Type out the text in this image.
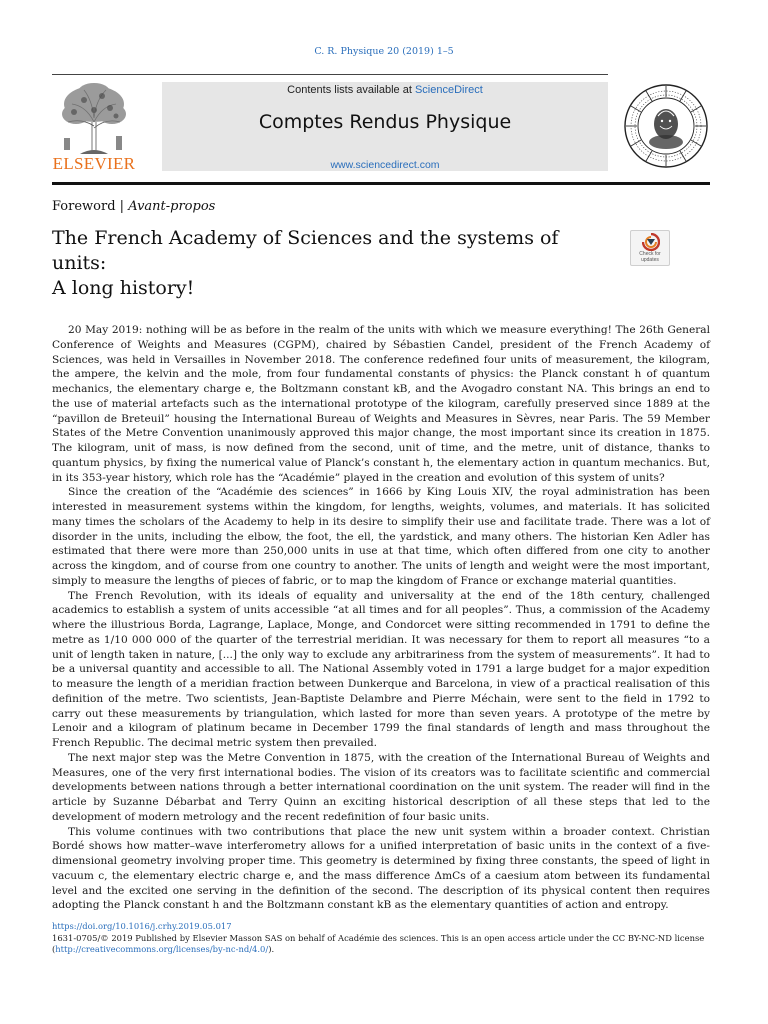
C. R. Physique 20 (2019) 1–5
ELSEVIER
Contents lists available at ScienceDirect
Comptes Rendus Physique
www.sciencedirect.com
Foreword | Avant-propos
The French Academy of Sciences and the systems of units:
A long history!
Check for
updates

20 May 2019: nothing will be as before in the realm of the units with which we measure everything! The 26th General Conference of Weights and Measures (CGPM), chaired by Sébastien Candel, president of the French Academy of Sciences, was held in Versailles in November 2018. The conference redefined four units of measurement, the kilogram, the ampere, the kelvin and the mole, from four fundamental constants of physics: the Planck constant h of quantum mechanics, the elementary charge e, the Boltzmann constant kB, and the Avogadro constant NA. This brings an end to the use of material artefacts such as the international prototype of the kilogram, carefully preserved since 1889 at the “pavillon de Breteuil” housing the International Bureau of Weights and Measures in Sèvres, near Paris. The 59 Member States of the Metre Convention unanimously approved this major change, the most important since its creation in 1875. The kilogram, unit of mass, is now defined from the second, unit of time, and the metre, unit of distance, thanks to quantum physics, by fixing the numerical value of Planck’s constant h, the elementary action in quantum mechanics. But, in its 353-year history, which role has the “Académie” played in the creation and evolution of this system of units?

Since the creation of the “Académie des sciences” in 1666 by King Louis XIV, the royal administration has been interested in measurement systems within the kingdom, for lengths, weights, volumes, and materials. It has solicited many times the scholars of the Academy to help in its desire to simplify their use and facilitate trade. There was a lot of disorder in the units, including the elbow, the foot, the ell, the yardstick, and many others. The historian Ken Adler has estimated that there were more than 250,000 units in use at that time, which often differed from one city to another across the kingdom, and of course from one country to another. The units of length and weight were the most important, simply to measure the lengths of pieces of fabric, or to map the kingdom of France or exchange material quantities.

The French Revolution, with its ideals of equality and universality at the end of the 18th century, challenged academics to establish a system of units accessible “at all times and for all peoples”. Thus, a commission of the Academy where the illustrious Borda, Lagrange, Laplace, Monge, and Condorcet were sitting recommended in 1791 to define the metre as 1/10 000 000 of the quarter of the terrestrial meridian. It was necessary for them to report all measures “to a unit of length taken in nature, [...] the only way to exclude any arbitrariness from the system of measurements”. It had to be a universal quantity and accessible to all. The National Assembly voted in 1791 a large budget for a major expedition to measure the length of a meridian fraction between Dunkerque and Barcelona, in view of a practical realisation of this definition of the metre. Two scientists, Jean-Baptiste Delambre and Pierre Méchain, were sent to the field in 1792 to carry out these measurements by triangulation, which lasted for more than seven years. A prototype of the metre by Lenoir and a kilogram of platinum became in December 1799 the final standards of length and mass throughout the French Republic. The decimal metric system then prevailed.

The next major step was the Metre Convention in 1875, with the creation of the International Bureau of Weights and Measures, one of the very first international bodies. The vision of its creators was to facilitate scientific and commercial developments between nations through a better international coordination on the unit system. The reader will find in the article by Suzanne Débarbat and Terry Quinn an exciting historical description of all these steps that led to the development of modern metrology and the recent redefinition of four basic units.

This volume continues with two contributions that place the new unit system within a broader context. Christian Bordé shows how matter–wave interferometry allows for a unified interpretation of basic units in the context of a five-dimensional geometry involving proper time. This geometry is determined by fixing three constants, the speed of light in vacuum c, the elementary electric charge e, and the mass difference ΔmCs of a caesium atom between its fundamental level and the excited one serving in the definition of the second. The description of its physical content then requires adopting the Planck constant h and the Boltzmann constant kB as the elementary quantities of action and entropy.

https://doi.org/10.1016/j.crhy.2019.05.017
1631-0705/© 2019 Published by Elsevier Masson SAS on behalf of Académie des sciences. This is an open access article under the CC BY-NC-ND license
(http://creativecommons.org/licenses/by-nc-nd/4.0/).
